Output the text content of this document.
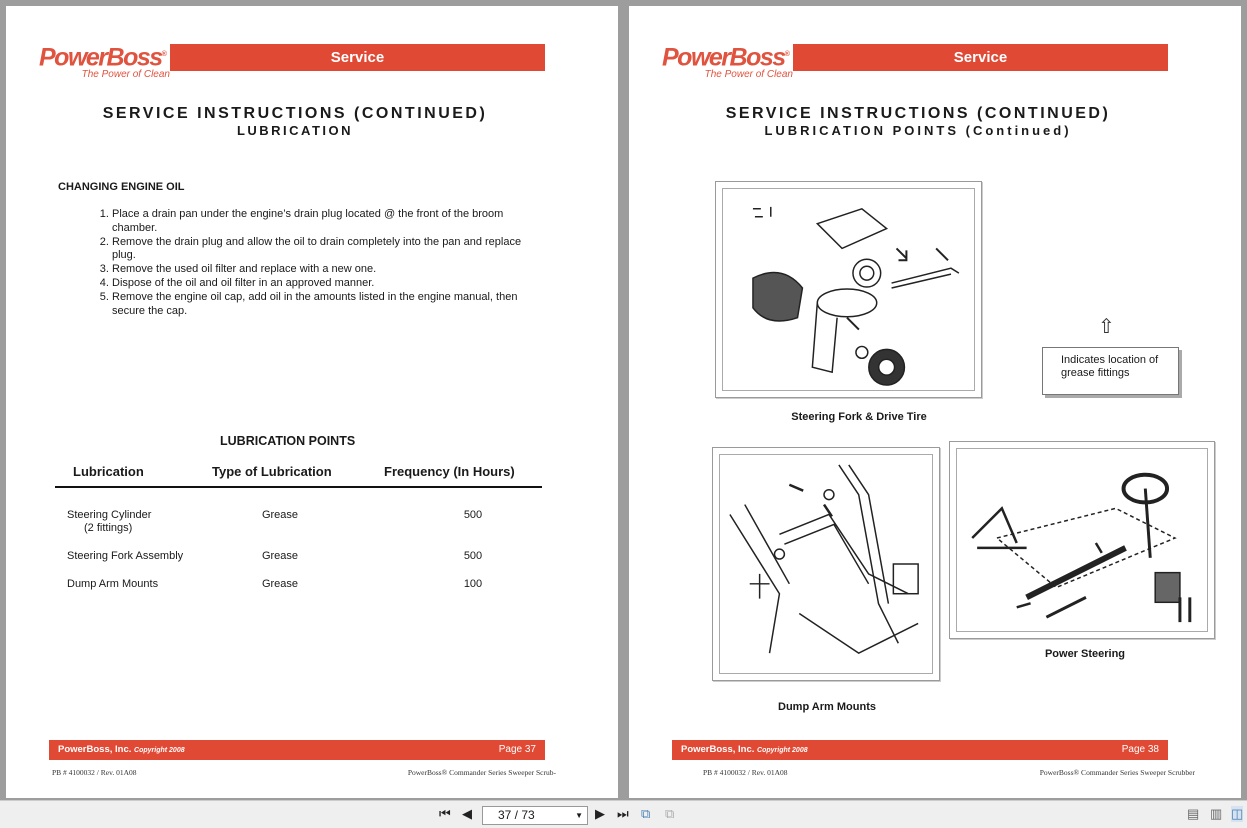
PowerBoss®
The Power of Clean
Service
SERVICE INSTRUCTIONS (CONTINUED)
LUBRICATION
CHANGING ENGINE OIL
1. Place a drain pan under the engine’s drain plug located @ the front of the broom chamber.
2. Remove the drain plug and allow the oil to drain completely into the pan and replace plug.
3. Remove the used oil filter and replace with a new one.
4. Dispose of the oil and oil filter in an approved manner.
5. Remove the engine oil cap, add oil in the amounts listed in the engine manual, then secure the cap.
LUBRICATION POINTS
Lubrication	Type of Lubrication	Frequency (In Hours)
Steering Cylinder
(2 fittings)
Grease	500
Steering Fork Assembly	Grease	500
Dump Arm Mounts	Grease	100
PowerBoss, Inc. Copyright 2008	Page 37
PB # 4100032 / Rev. 01A08	PowerBoss® Commander Series Sweeper Scrub-
PowerBoss®
The Power of Clean
Service
SERVICE INSTRUCTIONS (CONTINUED)
LUBRICATION POINTS (Continued)
Steering Fork & Drive Tire
⇧
Indicates location of grease fittings
Dump Arm Mounts
Power Steering
PowerBoss, Inc. Copyright 2008	Page 38
PB # 4100032 / Rev. 01A08	PowerBoss® Commander Series Sweeper Scrubber
⏮ ◀	37 / 73	▼ ▶ ⏭ ⧉ ⧉	▤ ▥ ◫
